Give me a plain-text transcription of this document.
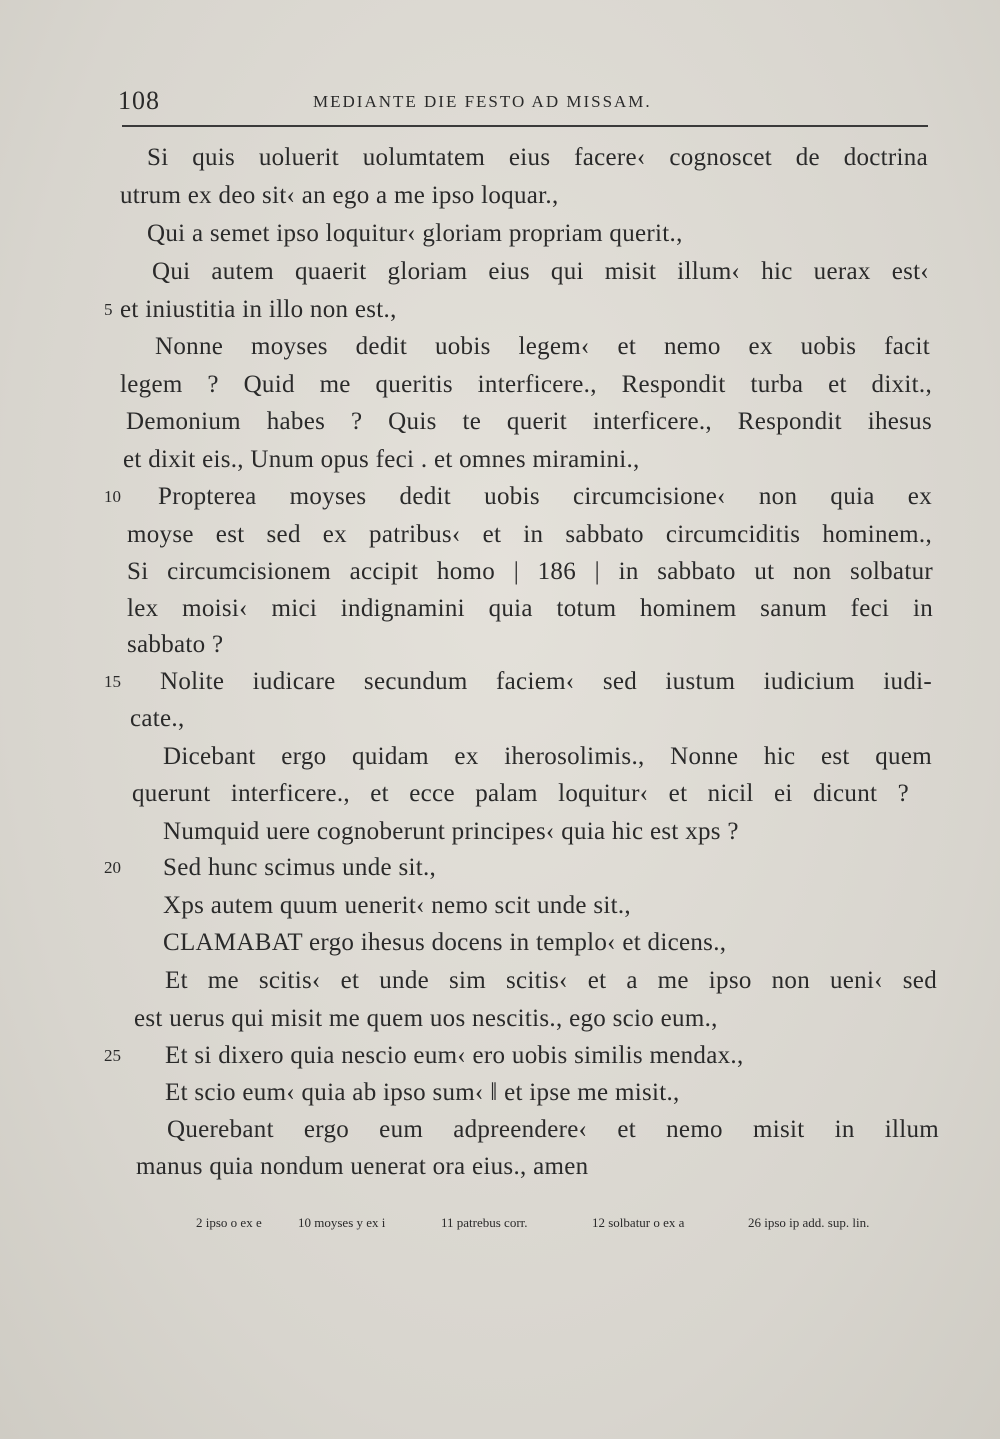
108	MEDIANTE DIE FESTO AD MISSAM.
Si quis uoluerit uolumtatem eius facere‹ cognoscet de doctrina
utrum ex deo sit‹ an ego a me ipso loquar.,
Qui a semet ipso loquitur‹ gloriam propriam querit.,
Qui autem quaerit gloriam eius qui misit illum‹ hic uerax est‹
et iniustitia in illo non est.,
Nonne moyses dedit uobis legem‹ et nemo ex uobis facit
legem ? Quid me queritis interficere., Respondit turba et dixit.,
Demonium habes ? Quis te querit interficere., Respondit ihesus
et dixit eis., Unum opus feci . et omnes miramini.,
Propterea moyses dedit uobis circumcisione‹ non quia ex
moyse est sed ex patribus‹ et in sabbato circumciditis hominem.,
Si circumcisionem accipit homo | 186 | in sabbato ut non solbatur
lex moisi‹ mici indignamini quia totum hominem sanum feci in
sabbato ?
Nolite iudicare secundum faciem‹ sed iustum iudicium iudi-
cate.,
Dicebant ergo quidam ex iherosolimis., Nonne hic est quem
querunt interficere., et ecce palam loquitur‹ et nicil ei dicunt ?
Numquid uere cognoberunt principes‹ quia hic est xps ?
Sed hunc scimus unde sit.,
Xps autem quum uenerit‹ nemo scit unde sit.,
CLAMABAT ergo ihesus docens in templo‹ et dicens.,
Et me scitis‹ et unde sim scitis‹ et a me ipso non ueni‹ sed
est uerus qui misit me quem uos nescitis., ego scio eum.,
Et si dixero quia nescio eum‹ ero uobis similis mendax.,
Et scio eum‹ quia ab ipso sum‹ ‖ et ipse me misit.,
Querebant ergo eum adpreendere‹ et nemo misit in illum
manus quia nondum uenerat ora eius., amen
5
10
15
20
25
2 ipso o ex e	10 moyses y ex i	11 patrebus corr.	12 solbatur o ex a	26 ipso ip add. sup. lin.
